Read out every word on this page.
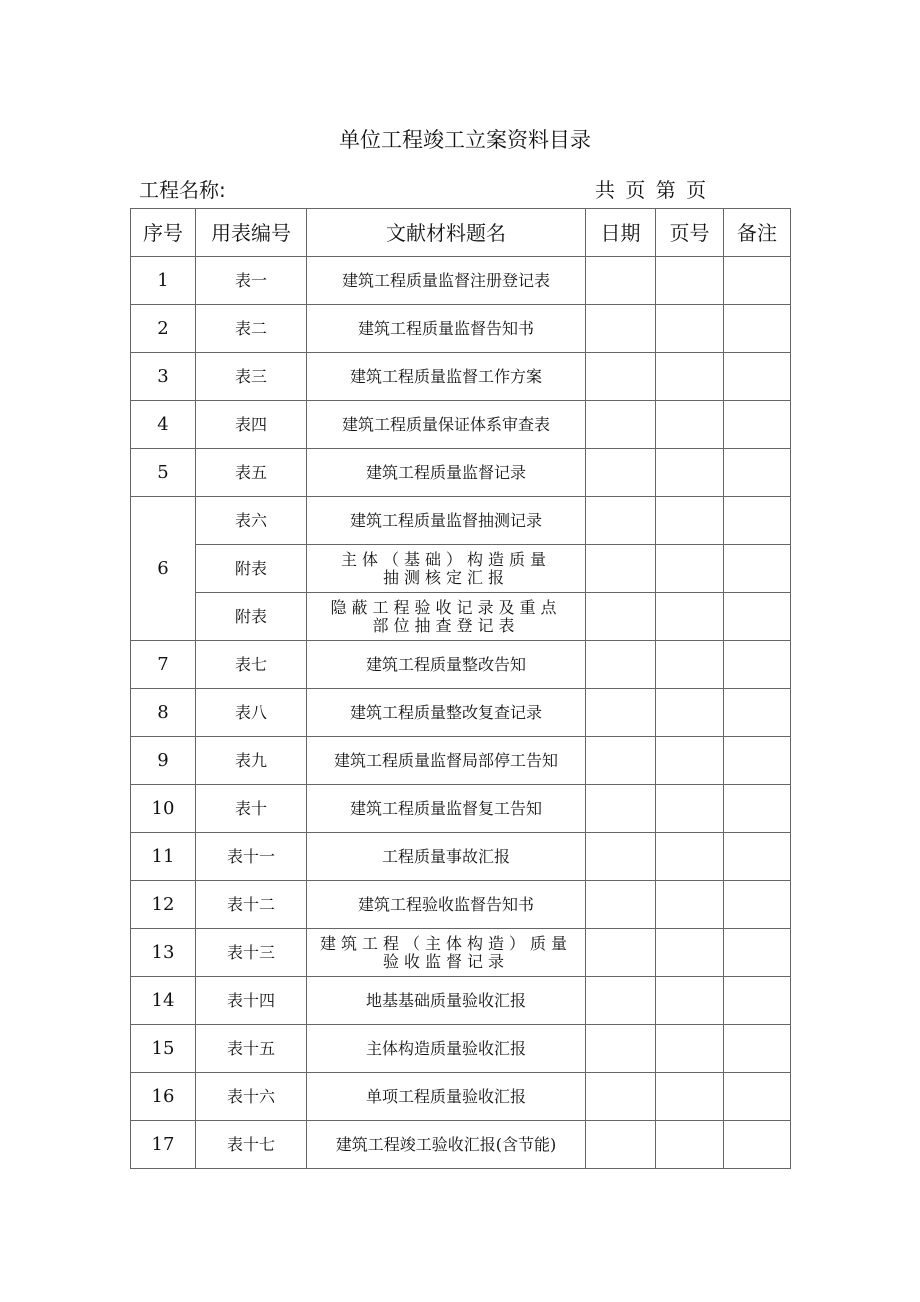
单位工程竣工立案资料目录
工程名称:	共 页 第 页
序号	用表编号	文献材料题名	日期	页号	备注
1	表一	建筑工程质量监督注册登记表			

2	表二	建筑工程质量监督告知书			

3	表三	建筑工程质量监督工作方案			

4	表四	建筑工程质量保证体系审查表			

5	表五	建筑工程质量监督记录			

6	表六	建筑工程质量监督抽测记录			

	附表	主体（基础）构造质量
抽测核定汇报			

	附表	隐蔽工程验收记录及重点
部位抽查登记表			

7	表七	建筑工程质量整改告知			

8	表八	建筑工程质量整改复查记录			

9	表九	建筑工程质量监督局部停工告知			

10	表十	建筑工程质量监督复工告知			

11	表十一	工程质量事故汇报			

12	表十二	建筑工程验收监督告知书			

13	表十三	建筑工程（主体构造）质量
验收监督记录			

14	表十四	地基基础质量验收汇报			

15	表十五	主体构造质量验收汇报			

16	表十六	单项工程质量验收汇报			

17	表十七	建筑工程竣工验收汇报(含节能)			
